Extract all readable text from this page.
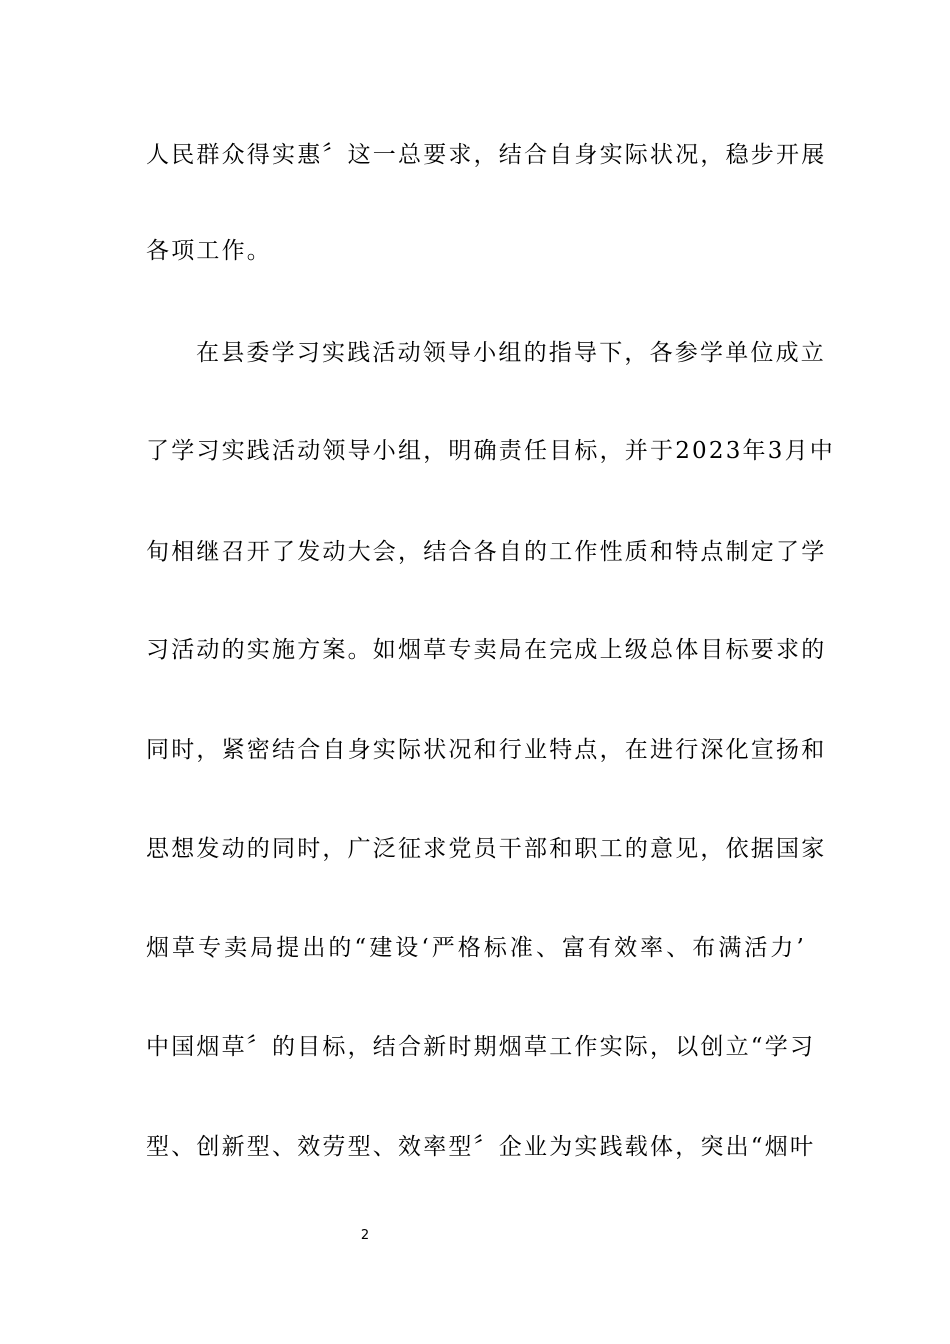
人民群众得实惠〞这一总要求，结合自身实际状况，稳步开展
各项工作。
在县委学习实践活动领导小组的指导下，各参学单位成立
了学习实践活动领导小组，明确责任目标，并于2023年3月中
旬相继召开了发动大会，结合各自的工作性质和特点制定了学
习活动的实施方案。如烟草专卖局在完成上级总体目标要求的
同时，紧密结合自身实际状况和行业特点，在进行深化宣扬和
思想发动的同时，广泛征求党员干部和职工的意见，依据国家
烟草专卖局提出的“建设‘严格标准、富有效率、布满活力’
中国烟草〞的目标，结合新时期烟草工作实际，以创立“学习
型、创新型、效劳型、效率型〞企业为实践载体，突出“烟叶
2
